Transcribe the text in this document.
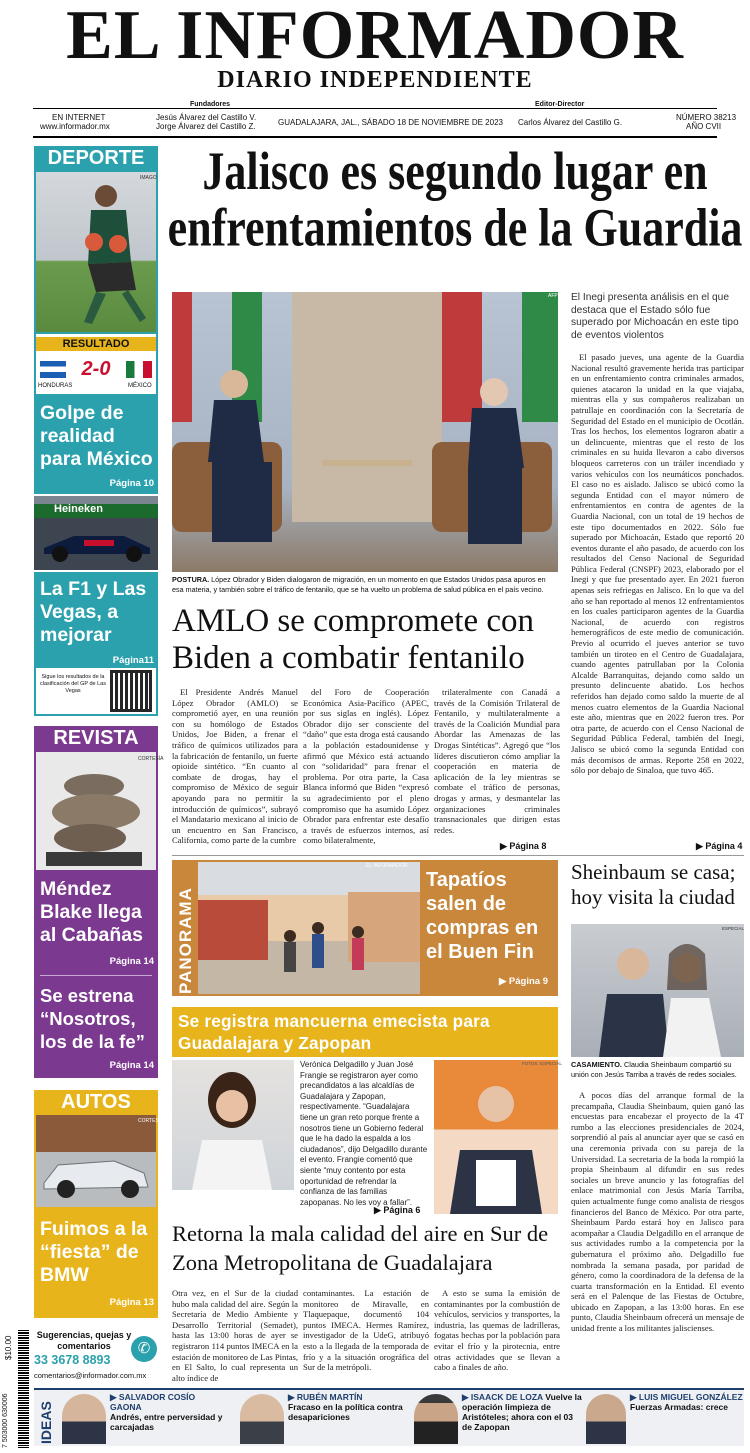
EL INFORMADOR
DIARIO INDEPENDIENTE
Fundadores	Editor-Director
EN INTERNET
www.informador.mx
Jesús Álvarez del Castillo V.
Jorge Álvarez del Castillo Z.	GUADALAJARA, JAL., SÁBADO 18 DE NOVIEMBRE DE 2023 Carlos Álvarez del Castillo G.
NÚMERO 38213
AÑO CVII
DEPORTE
IMAGO
RESULTADO
2-0
HONDURAS	MÉXICO
Golpe de realidad para México
Página 10
Heineken
La F1 y Las Vegas, a mejorar
Página11
Sigue los resultados de la clasificación del GP de Las Vegas
REVISTA
CORTESÍA
Méndez Blake llega al Cabañas
Página 14
Se estrena “Nosotros, los de la fe”
Página 14
AUTOS
CORTESÍA
Fuimos a la “fiesta” de BMW
Página 13
Sugerencias, quejas y comentarios
33 3678 8893
✆
comentarios@informador.com.mx
$10.00
7 503000 630006
Jalisco es segundo lugar en enfrentamientos de la Guardia
AFP
POSTURA. López Obrador y Biden dialogaron de migración, en un momento en que Estados Unidos pasa apuros en esa materia, y también sobre el tráfico de fentanilo, que se ha vuelto un problema de salud pública en el país vecino.
AMLO se compromete con Biden a combatir fentanilo

El Presidente Andrés Manuel López Obrador (AMLO) se comprometió ayer, en una reunión con su homólogo de Estados Unidos, Joe Biden, a frenar el tráfico de químicos utilizados para la fabricación de fentanilo, un fuerte opioide sintético. “En cuanto al combate de drogas, hay el compromiso de México de seguir apoyando para no permitir la introducción de químicos”, subrayó el Mandatario mexicano al inicio de un encuentro en San Francisco, California, como parte de la cumbre

del Foro de Cooperación Económica Asia-Pacífico (APEC, por sus siglas en inglés). López Obrador dijo ser consciente del “daño” que esta droga está causando a la población estadounidense y afirmó que México está actuando con “solidaridad” para frenar el problema. Por otra parte, la Casa Blanca informó que Biden “expresó su agradecimiento por el pleno compromiso que ha asumido López Obrador para enfrentar este desafío a través de esfuerzos internos, así como bilateralmente,

trilateralmente con Canadá a través de la Comisión Trilateral de Fentanilo, y multilateralmente a través de la Coalición Mundial para Abordar las Amenazas de las Drogas Sintéticas”. Agregó que “los líderes discutieron cómo ampliar la cooperación en materia de aplicación de la ley mientras se combate el tráfico de personas, drogas y armas, y desmantelar las organizaciones criminales transnacionales que dirigen estas redes.

▶ Página 8
El Inegi presenta análisis en el que destaca que el Estado sólo fue superado por Michoacán en este tipo de eventos violentos

El pasado jueves, una agente de la Guardia Nacional resultó gravemente herida tras participar en un enfrentamiento contra criminales armados, quienes atacaron la unidad en la que viajaba, mientras ella y sus compañeros realizaban un patrullaje en coordinación con la Secretaría de Seguridad del Estado en el municipio de Ocotlán. Tras los hechos, los elementos lograron abatir a un delincuente, mientras que el resto de los criminales en su huida llevaron a cabo diversos bloqueos carreteros con un tráiler incendiado y varios vehículos con los neumáticos ponchados. El caso no es aislado. Jalisco se ubicó como la segunda Entidad con el mayor número de enfrentamientos en contra de agentes de la Guardia Nacional, con un total de 19 hechos de este tipo documentados en 2022. Sólo fue superado por Michoacán, Estado que reportó 20 eventos durante el año pasado, de acuerdo con los resultados del Censo Nacional de Seguridad Pública Federal (CNSPF) 2023, elaborado por el Inegi y que fue presentado ayer. En 2021 fueron apenas seis refriegas en Jalisco. En lo que va del año se han reportado al menos 12 enfrentamientos en los cuales participaron agentes de la Guardia Nacional, de acuerdo con registros hemerográficos de este medio de comunicación. Previo al ocurrido el jueves anterior se tuvo también un tiroteo en el Centro de Guadalajara, cuando agentes patrullaban por la Colonia Alcalde Barranquitas, dejando como saldo un presunto delincuente abatido. Los hechos referidos han dejado como saldo la muerte de al menos cuatro elementos de la Guardia Nacional este año, mientras que en 2022 fueron tres. Por otra parte, de acuerdo con el Censo Nacional de Seguridad Pública Federal, también del Inegi, Jalisco se ubicó como la segunda Entidad con más decomisos de armas. Reporte 258 en 2022, sólo por debajo de Sinaloa, que tuvo 465.

▶ Página 4
PANORAMA
EL INFORMADOR
Tapatíos salen de compras en el Buen Fin
▶ Página 9
Se registra mancuerna emecista para Guadalajara y Zapopan
Verónica Delgadillo y Juan José Frangie se registraron ayer como precandidatos a las alcaldías de Guadalajara y Zapopan, respectivamente. “Guadalajara tiene un gran reto porque frente a nosotros tiene un Gobierno federal que le ha dado la espalda a los ciudadanos”, dijo Delgadillo durante el evento. Frangie comentó que siente “muy contento por esta oportunidad de refrendar la confianza de las familias zapopanas. No les voy a fallar”.
▶ Página 6
FOTOS: ESPECIAL
Retorna la mala calidad del aire en Sur de Zona Metropolitana de Guadalajara

Otra vez, en el Sur de la ciudad hubo mala calidad del aire. Según la Secretaría de Medio Ambiente y Desarrollo Territorial (Semadet), hasta las 13:00 horas de ayer se registraron 114 puntos IMECA en la estación de monitoreo de Las Pintas, en El Salto, lo cual representa un alto índice de

contaminantes. La estación de monitoreo de Miravalle, en Tlaquepaque, documentó 104 puntos IMECA. Hermes Ramírez, investigador de la UdeG, atribuyó esto a la llegada de la temporada de frío y a la situación orográfica del Sur de la metrópoli.

A esto se suma la emisión de contaminantes por la combustión de vehículos, servicios y transportes, la industria, las quemas de ladrilleras, fogatas hechas por la población para evitar el frío y la pirotecnia, entre otras actividades que se llevan a cabo a finales de año.

Sheinbaum se casa; hoy visita la ciudad
ESPECIAL
CASAMIENTO. Claudia Sheinbaum compartió su unión con Jesús Tarriba a través de redes sociales.

A pocos días del arranque formal de la precampaña, Claudia Sheinbaum, quien ganó las encuestas para encabezar el proyecto de la 4T rumbo a las elecciones presidenciales de 2024, sorprendió al país al anunciar ayer que se casó en una ceremonia privada con su pareja de la Universidad. La secretaria de la boda la rompió la propia Sheinbaum al difundir en sus redes sociales un breve anuncio y las fotografías del enlace matrimonial con Jesús María Tarriba, quien actualmente funge como analista de riesgos financieros del Banco de México. Por otra parte, Sheinbaum Pardo estará hoy en Jalisco para acompañar a Claudia Delgadillo en el arranque de sus actividades rumbo a la competencia por la gubernatura el próximo año. Delgadillo fue nombrada la semana pasada, por paridad de género, como la coordinadora de la defensa de la cuarta transformación en la Entidad. El evento será en el Palenque de las Fiestas de Octubre, ubicado en Zapopan, a las 13:00 horas. En ese punto, Claudia Sheinbaum ofrecerá un mensaje de unidad frente a los militantes jaliscienses.

IDEAS
▶ SALVADOR COSÍO GAONA
Andrés, entre perversidad y carcajadas
▶ RUBÉN MARTÍN
Fracaso en la política contra desapariciones
▶ ISAACK DE LOZA Vuelve la operación limpieza de Aristóteles; ahora con el 03 de Zapopan
▶ LUIS MIGUEL GONZÁLEZ
Fuerzas Armadas: crece
